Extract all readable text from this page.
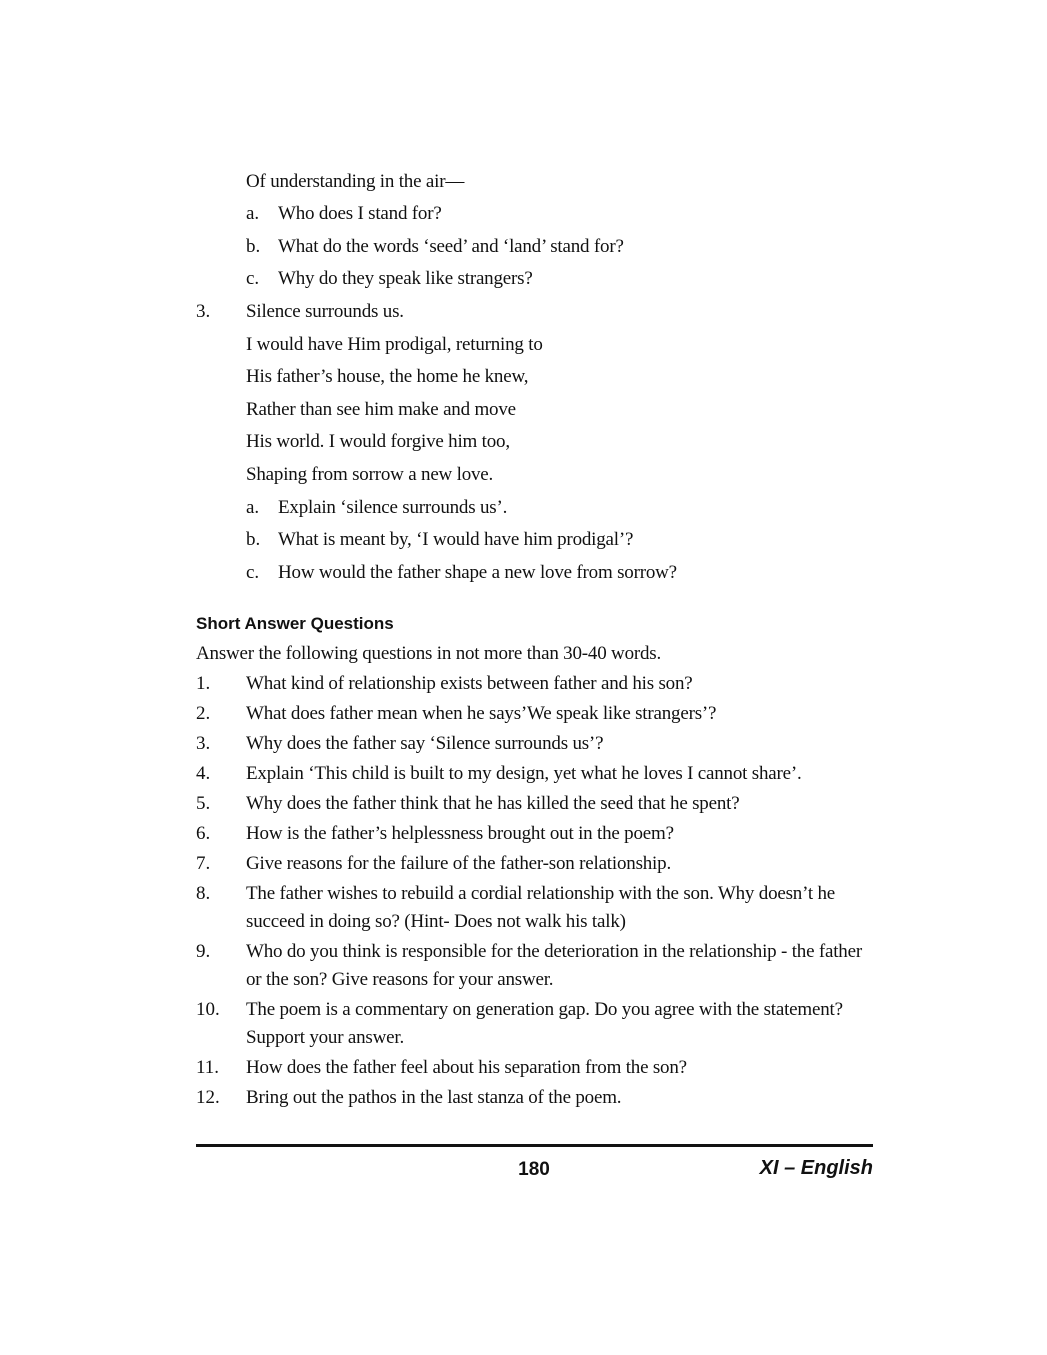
Of understanding in the air—
a. Who does I stand for?
b. What do the words ‘seed’ and ‘land’ stand for?
c. Why do they speak like strangers?
3. Silence surrounds us.
I would have Him prodigal, returning to
His father’s house, the home he knew,
Rather than see him make and move
His world. I would forgive him too,
Shaping from sorrow a new love.
a. Explain ‘silence surrounds us’.
b. What is meant by, ‘I would have him prodigal’?
c. How would the father shape a new love from sorrow?
Short Answer Questions
Answer the following questions in not more than 30-40 words.
1. What kind of relationship exists between father and his son?
2. What does father mean when he says’We speak like strangers’?
3. Why does the father say ‘Silence surrounds us’?
4. Explain ‘This child is built to my design, yet what he loves I cannot share’.
5. Why does the father think that he has killed the seed that he spent?
6. How is the father’s helplessness brought out in the poem?
7. Give reasons for the failure of the father-son relationship.
8. The father wishes to rebuild a cordial relationship with the son. Why doesn’t he
succeed in doing so? (Hint- Does not walk his talk)
9. Who do you think is responsible for the deterioration in the relationship - the father
or the son? Give reasons for your answer.
10. The poem is a commentary on generation gap. Do you agree with the statement?
Support your answer.
11. How does the father feel about his separation from the son?
12. Bring out the pathos in the last stanza of the poem.
180	XI – English
